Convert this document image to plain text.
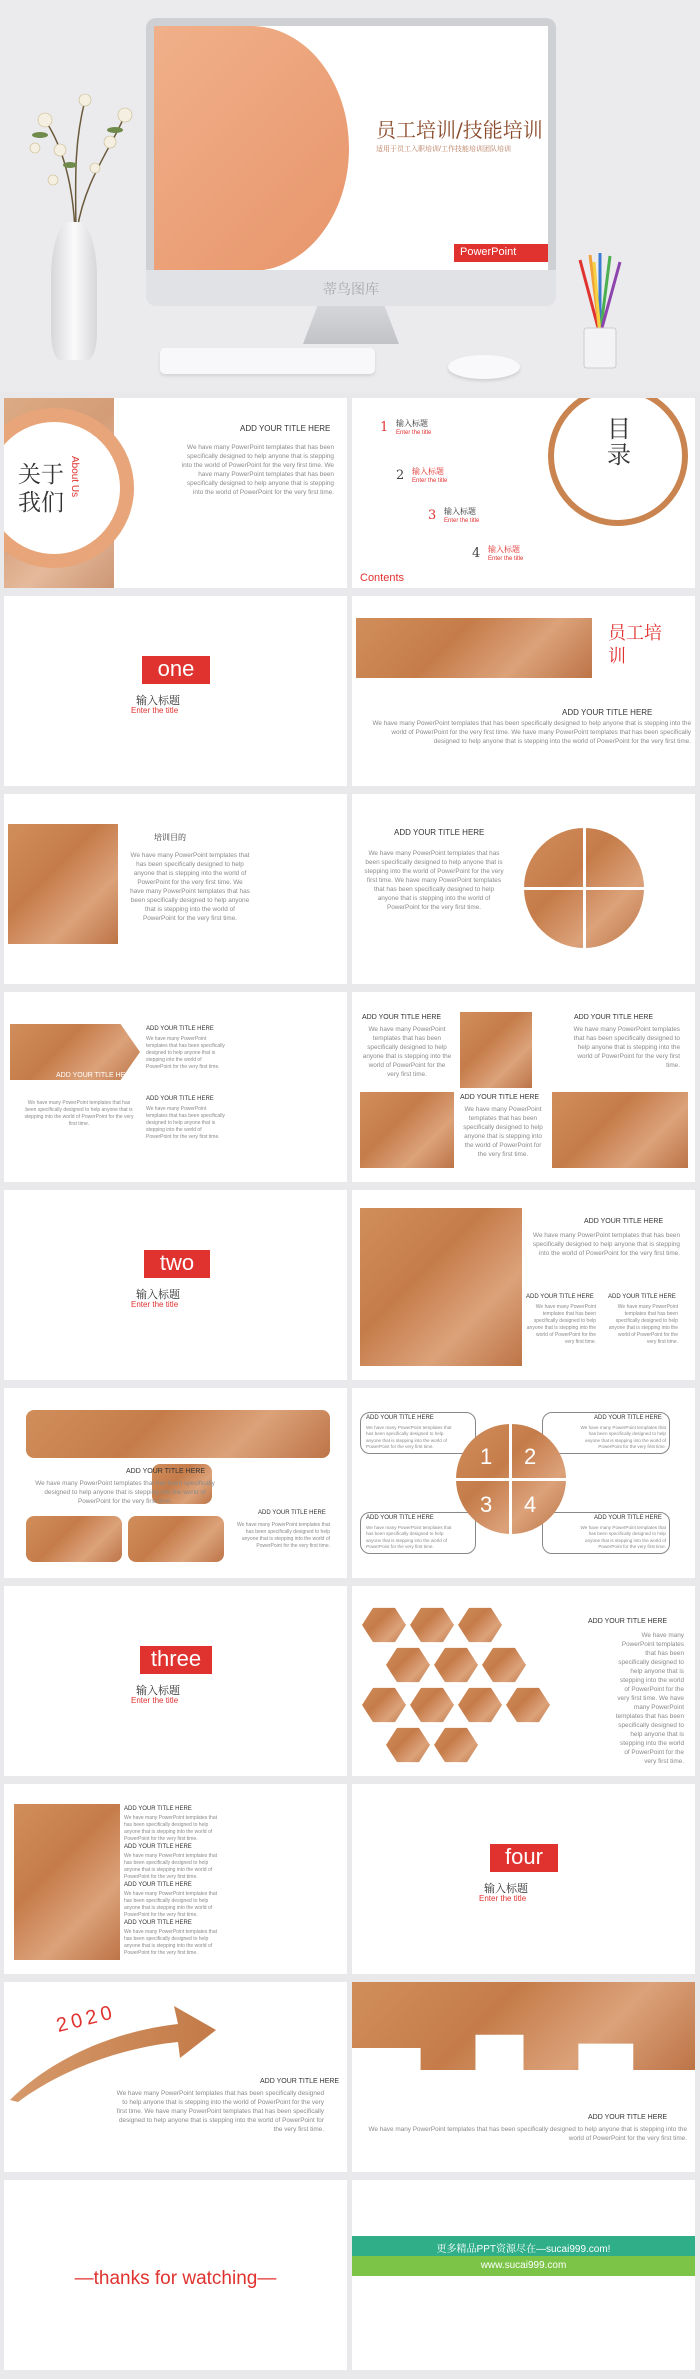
员工培训/技能培训
适用于员工入职培训/工作技能培训团队培训
PowerPoint
蒂鸟图库
关于我们
About Us
ADD YOUR TITLE HERE
We have many PowerPoint templates that has been specifically designed to help anyone that is stepping into the world of PowerPoint for the very first time. We have many PowerPoint templates that has been specifically designed to help anyone that is stepping into the world of PowerPoint for the very first time.
目录
Contents
1 输入标题
Enter the title
2 输入标题
Enter the title
3 输入标题
Enter the title
4 输入标题
Enter the title
one
输入标题
Enter the title
员工培训
ADD YOUR TITLE HERE
We have many PowerPoint templates that has been specifically designed to help anyone that is stepping into the world of PowerPoint for the very first time. We have many PowerPoint templates that has been specifically designed to help anyone that is stepping into the world of PowerPoint for the very first time.
培训目的
We have many PowerPoint templates that has been specifically designed to help anyone that is stepping into the world of PowerPoint for the very first time. We have many PowerPoint templates that has been specifically designed to help anyone that is stepping into the world of PowerPoint for the very first time.
ADD YOUR TITLE HERE
We have many PowerPoint templates that has been specifically designed to help anyone that is stepping into the world of PowerPoint for the very first time. We have many PowerPoint templates that has been specifically designed to help anyone that is stepping into the world of PowerPoint for the very first time.
ADD YOUR TITLE HERE
ADD YOUR TITLE HERE
We have many PowerPoint templates that has been specifically designed to help anyone that is stepping into the world of PowerPoint for the very first time.
ADD YOUR TITLE HERE
We have many PowerPoint templates that has been specifically designed to help anyone that is stepping into the world of PowerPoint for the very first time.
We have many PowerPoint templates that has been specifically designed to help anyone that is stepping into the world of PowerPoint for the very first time.
ADD YOUR TITLE HERE
We have many PowerPoint templates that has been specifically designed to help anyone that is stepping into the world of PowerPoint for the very first time.
ADD YOUR TITLE HERE
We have many PowerPoint templates that has been specifically designed to help anyone that is stepping into the world of PowerPoint for the very first time.
ADD YOUR TITLE HERE
We have many PowerPoint templates that has been specifically designed to help anyone that is stepping into the world of PowerPoint for the very first time.
two
输入标题
Enter the title
ADD YOUR TITLE HERE
We have many PowerPoint templates that has been specifically designed to help anyone that is stepping into the world of PowerPoint for the very first time.
ADD YOUR TITLE HERE
We have many PowerPoint templates that has been specifically designed to help anyone that is stepping into the world of PowerPoint for the very first time.
ADD YOUR TITLE HERE
We have many PowerPoint templates that has been specifically designed to help anyone that is stepping into the world of PowerPoint for the very first time.
ADD YOUR TITLE HERE
We have many PowerPoint templates that has been specifically designed to help anyone that is stepping into the world of PowerPoint for the very first time.
ADD YOUR TITLE HERE
We have many PowerPoint templates that has been specifically designed to help anyone that is stepping into the world of PowerPoint for the very first time.
1 2
3 4
ADD YOUR TITLE HERE
We have many PowerPoint templates that has been specifically designed to help anyone that is stepping into the world of PowerPoint for the very first time.
ADD YOUR TITLE HERE
We have many PowerPoint templates that has been specifically designed to help anyone that is stepping into the world of PowerPoint for the very first time.
ADD YOUR TITLE HERE
We have many PowerPoint templates that has been specifically designed to help anyone that is stepping into the world of PowerPoint for the very first time.
ADD YOUR TITLE HERE
We have many PowerPoint templates that has been specifically designed to help anyone that is stepping into the world of PowerPoint for the very first time.
three
输入标题
Enter the title
ADD YOUR TITLE HERE
We have many PowerPoint templates that has been specifically designed to help anyone that is stepping into the world of PowerPoint for the very first time. We have many PowerPoint templates that has been specifically designed to help anyone that is stepping into the world of PowerPoint for the very first time.
ADD YOUR TITLE HERE
We have many PowerPoint templates that has been specifically designed to help anyone that is stepping into the world of PowerPoint for the very first time.
ADD YOUR TITLE HERE
We have many PowerPoint templates that has been specifically designed to help anyone that is stepping into the world of PowerPoint for the very first time.
ADD YOUR TITLE HERE
We have many PowerPoint templates that has been specifically designed to help anyone that is stepping into the world of PowerPoint for the very first time.
ADD YOUR TITLE HERE
We have many PowerPoint templates that has been specifically designed to help anyone that is stepping into the world of PowerPoint for the very first time.
four
输入标题
Enter the title
2020
ADD YOUR TITLE HERE
We have many PowerPoint templates that has been specifically designed to help anyone that is stepping into the world of PowerPoint for the very first time. We have many PowerPoint templates that has been specifically designed to help anyone that is stepping into the world of PowerPoint for the very first time.
ADD YOUR TITLE HERE
We have many PowerPoint templates that has been specifically designed to help anyone that is stepping into the world of PowerPoint for the very first time.
—thanks for watching—
更多精品PPT资源尽在—sucai999.com!
www.sucai999.com
